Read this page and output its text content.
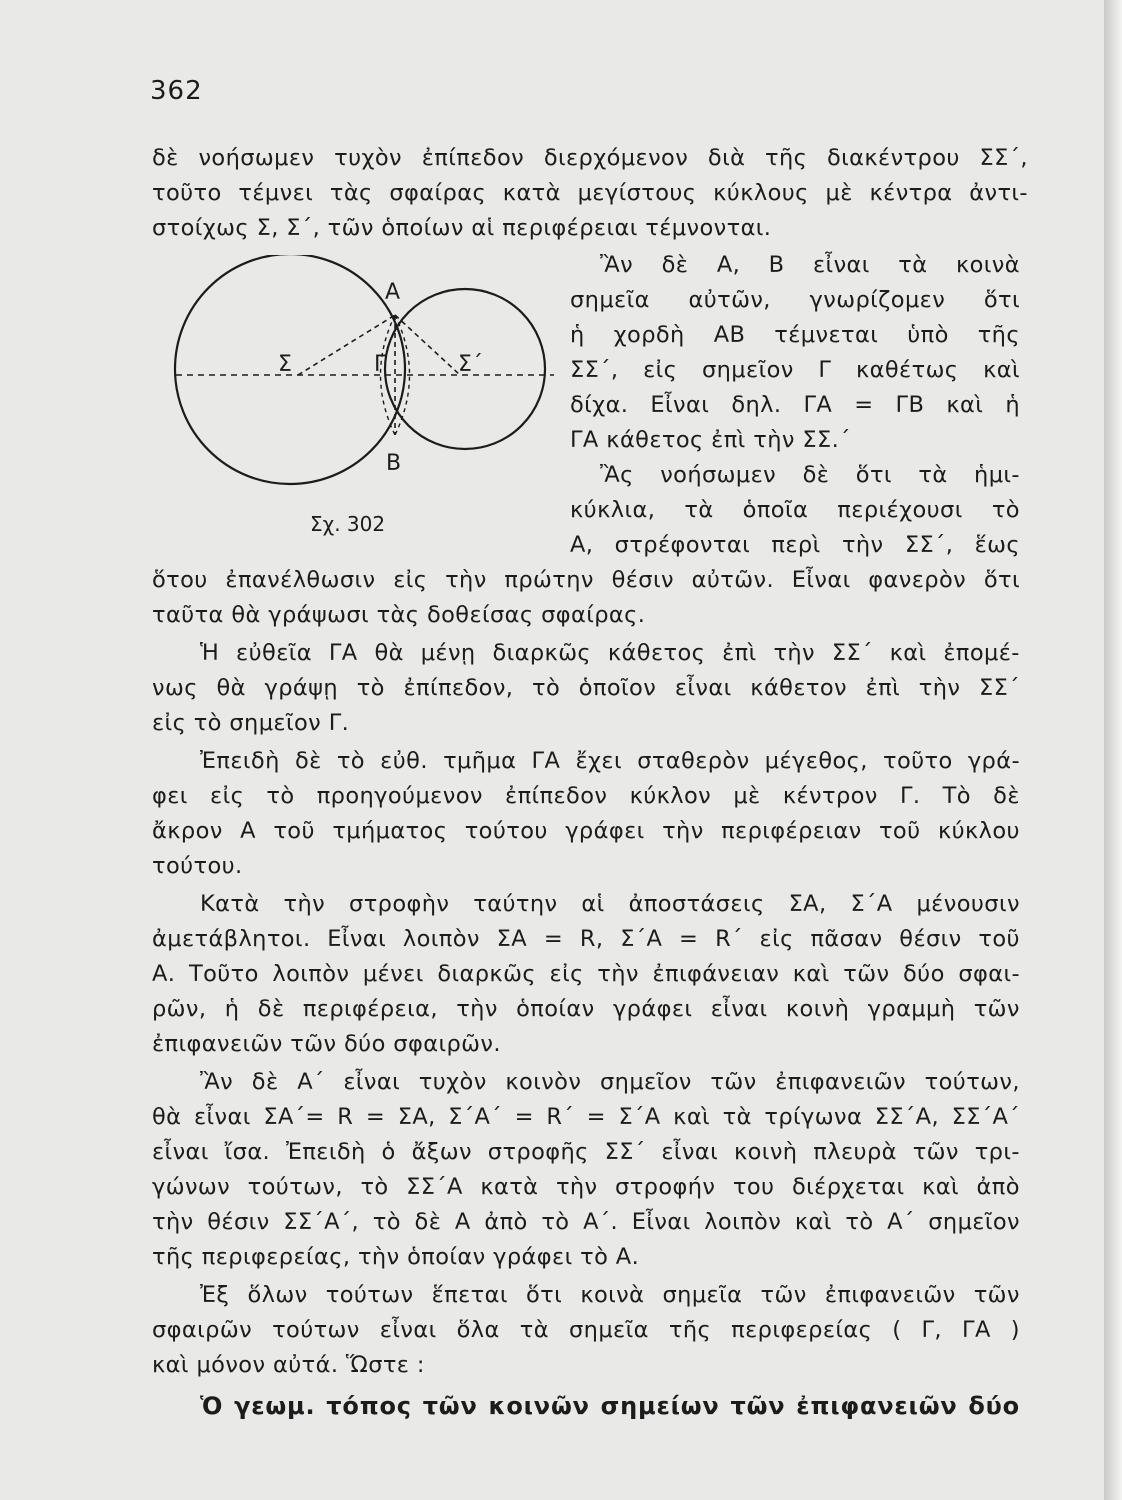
362
δὲ νοήσωμεν τυχὸν ἐπίπεδον διερχόμενον διὰ τῆς διακέντρου ΣΣ΄,
τοῦτο τέμνει τὰς σφαίρας κατὰ μεγίστους κύκλους μὲ κέντρα ἀντι-
στοίχως Σ, Σ΄, τῶν ὁποίων αἱ περιφέρειαι τέμνονται.
Α
Β
Γ
Σ	Σ΄
Σχ. 302
Ἂν δὲ Α, Β εἶναι τὰ κοινὰ
σημεῖα αὐτῶν, γνωρίζομεν ὅτι
ἡ χορδὴ ΑΒ τέμνεται ὑπὸ τῆς
ΣΣ΄, εἰς σημεῖον Γ καθέτως καὶ
δίχα. Εἶναι δηλ. ΓΑ = ΓΒ καὶ ἡ
ΓΑ κάθετος ἐπὶ τὴν ΣΣ.΄
Ἂς νοήσωμεν δὲ ὅτι τὰ ἡμι-
κύκλια, τὰ ὁποῖα περιέχουσι τὸ
Α, στρέφονται περὶ τὴν ΣΣ΄, ἕως
ὅτου ἐπανέλθωσιν εἰς τὴν πρώτην θέσιν αὐτῶν. Εἶναι φανερὸν ὅτι
ταῦτα θὰ γράψωσι τὰς δοθείσας σφαίρας.
Ἡ εὐθεῖα ΓΑ θὰ μένῃ διαρκῶς κάθετος ἐπὶ τὴν ΣΣ΄ καὶ ἐπομέ-
νως θὰ γράψῃ τὸ ἐπίπεδον, τὸ ὁποῖον εἶναι κάθετον ἐπὶ τὴν ΣΣ΄
εἰς τὸ σημεῖον Γ.
Ἐπειδὴ δὲ τὸ εὐθ. τμῆμα ΓΑ ἔχει σταθερὸν μέγεθος, τοῦτο γρά-
φει εἰς τὸ προηγούμενον ἐπίπεδον κύκλον μὲ κέντρον Γ. Τὸ δὲ
ἄκρον Α τοῦ τμήματος τούτου γράφει τὴν περιφέρειαν τοῦ κύκλου
τούτου.
Κατὰ τὴν στροφὴν ταύτην αἱ ἀποστάσεις ΣΑ, Σ΄Α μένουσιν
ἀμετάβλητοι. Εἶναι λοιπὸν ΣΑ = R, Σ΄Α = R΄ εἰς πᾶσαν θέσιν τοῦ
Α. Τοῦτο λοιπὸν μένει διαρκῶς εἰς τὴν ἐπιφάνειαν καὶ τῶν δύο σφαι-
ρῶν, ἡ δὲ περιφέρεια, τὴν ὁποίαν γράφει εἶναι κοινὴ γραμμὴ τῶν
ἐπιφανειῶν τῶν δύο σφαιρῶν.
Ἂν δὲ Α΄ εἶναι τυχὸν κοινὸν σημεῖον τῶν ἐπιφανειῶν τούτων,
θὰ εἶναι ΣΑ΄= R = ΣΑ, Σ΄Α΄ = R΄ = Σ΄Α καὶ τὰ τρίγωνα ΣΣ΄Α, ΣΣ΄Α΄
εἶναι ἴσα. Ἐπειδὴ ὁ ἄξων στροφῆς ΣΣ΄ εἶναι κοινὴ πλευρὰ τῶν τρι-
γώνων τούτων, τὸ ΣΣ΄Α κατὰ τὴν στροφήν του διέρχεται καὶ ἀπὸ
τὴν θέσιν ΣΣ΄Α΄, τὸ δὲ Α ἀπὸ τὸ Α΄. Εἶναι λοιπὸν καὶ τὸ Α΄ σημεῖον
τῆς περιφερείας, τὴν ὁποίαν γράφει τὸ Α.
Ἐξ ὅλων τούτων ἕπεται ὅτι κοινὰ σημεῖα τῶν ἐπιφανειῶν τῶν
σφαιρῶν τούτων εἶναι ὅλα τὰ σημεῖα τῆς περιφερείας ( Γ, ΓΑ )
καὶ μόνον αὐτά. Ὥστε :
Ὁ γεωμ. τόπος τῶν κοινῶν σημείων τῶν ἐπιφανειῶν δύο
